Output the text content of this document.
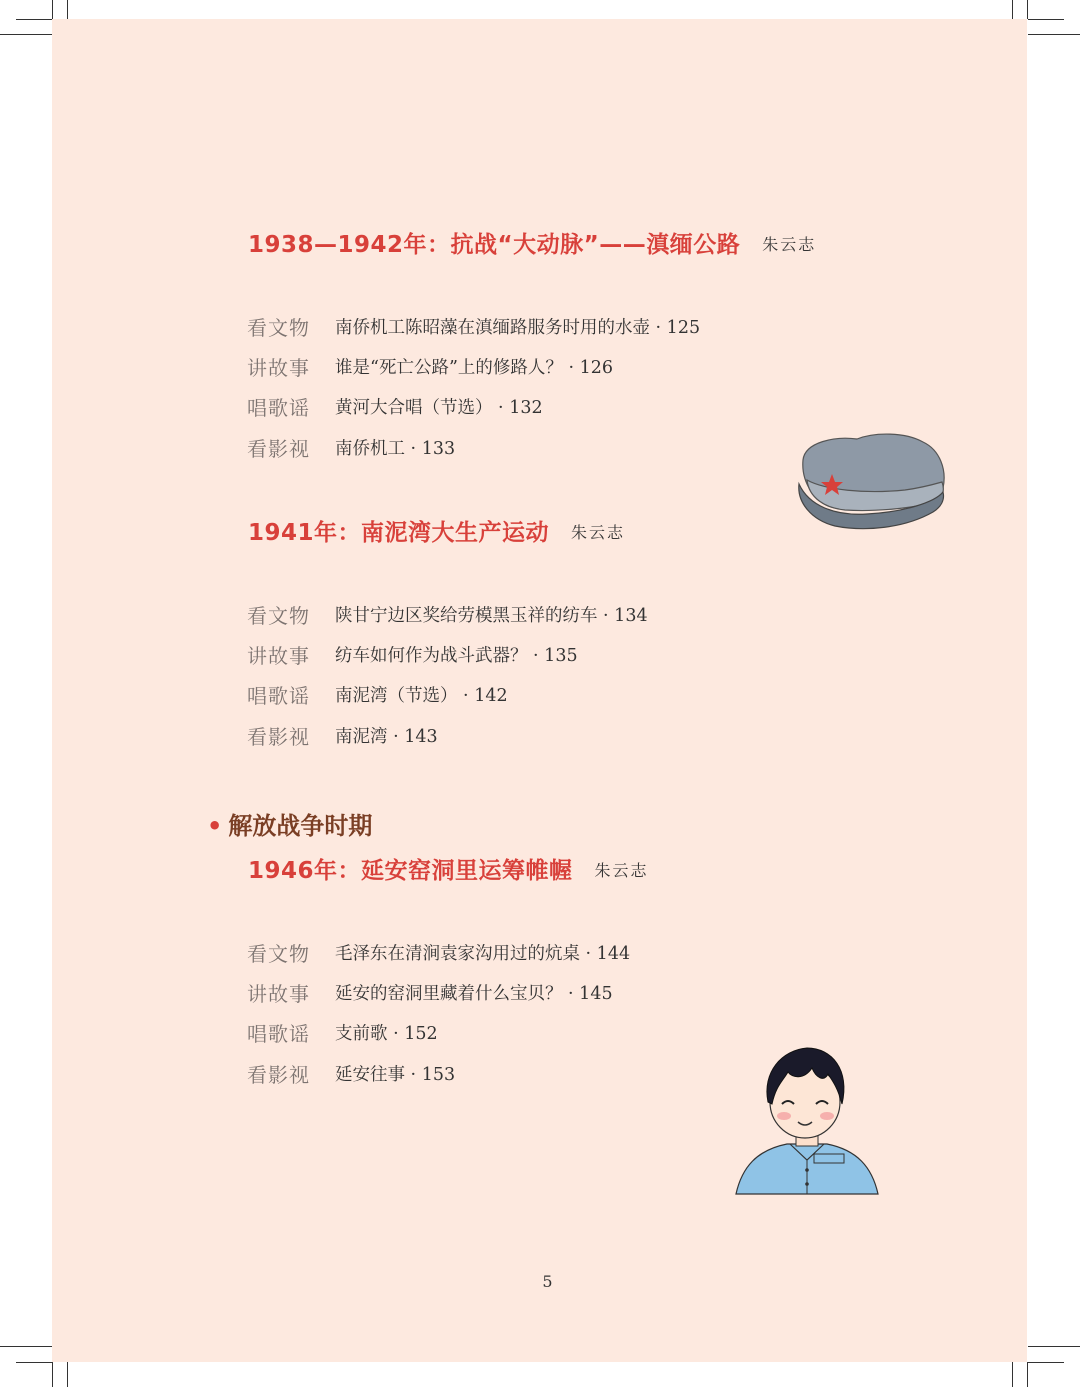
1938—1942年：抗战“大动脉”——滇缅公路 朱云志
看文物	南侨机工陈昭藻在滇缅路服务时用的水壶 · 125
讲故事	谁是“死亡公路”上的修路人？ · 126
唱歌谣	黄河大合唱（节选） · 132
看影视	南侨机工 · 133
1941年：南泥湾大生产运动 朱云志
看文物	陕甘宁边区奖给劳模黑玉祥的纺车 · 134
讲故事	纺车如何作为战斗武器？ · 135
唱歌谣	南泥湾（节选） · 142
看影视	南泥湾 · 143
• 解放战争时期
1946年：延安窑洞里运筹帷幄 朱云志
看文物	毛泽东在清涧袁家沟用过的炕桌 · 144
讲故事	延安的窑洞里藏着什么宝贝？ · 145
唱歌谣	支前歌 · 152
看影视	延安往事 · 153
5
